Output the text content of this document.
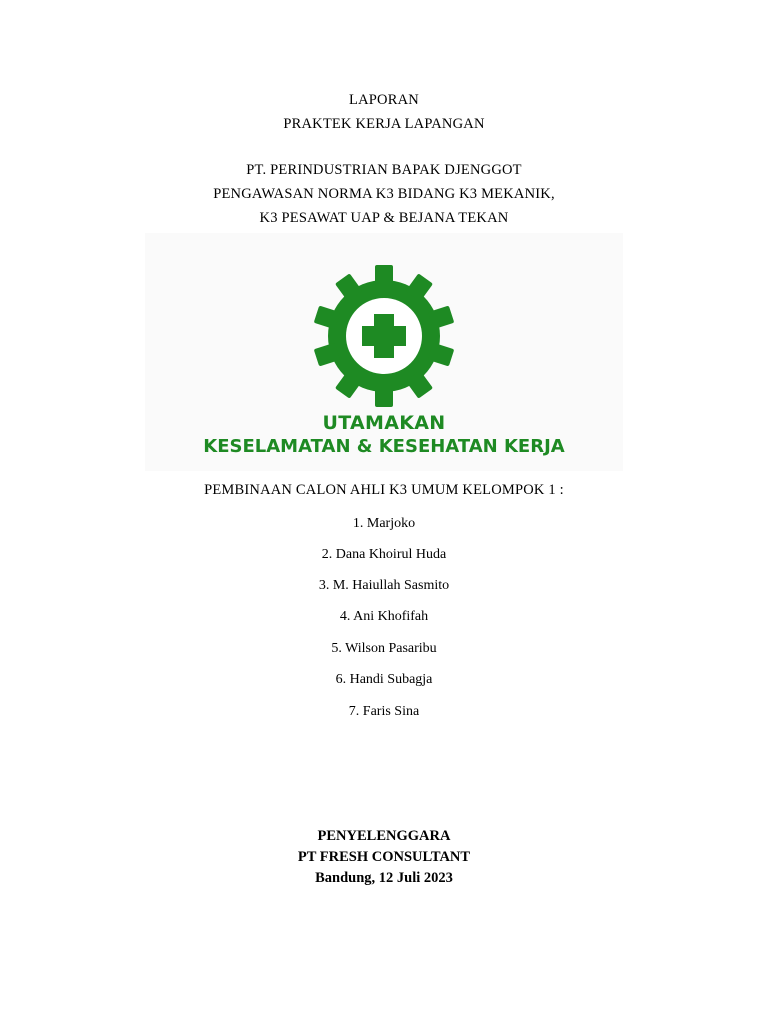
LAPORAN
PRAKTEK KERJA LAPANGAN
PT. PERINDUSTRIAN BAPAK DJENGGOT
PENGAWASAN NORMA K3 BIDANG K3 MEKANIK,
K3 PESAWAT UAP & BEJANA TEKAN
UTAMAKAN
KESELAMATAN & KESEHATAN KERJA
PEMBINAAN CALON AHLI K3 UMUM KELOMPOK 1 :
1. Marjoko
2. Dana Khoirul Huda
3. M. Haiullah Sasmito
4. Ani Khofifah
5. Wilson Pasaribu
6. Handi Subagja
7. Faris Sina
PENYELENGGARA
PT FRESH CONSULTANT
Bandung, 12 Juli 2023
